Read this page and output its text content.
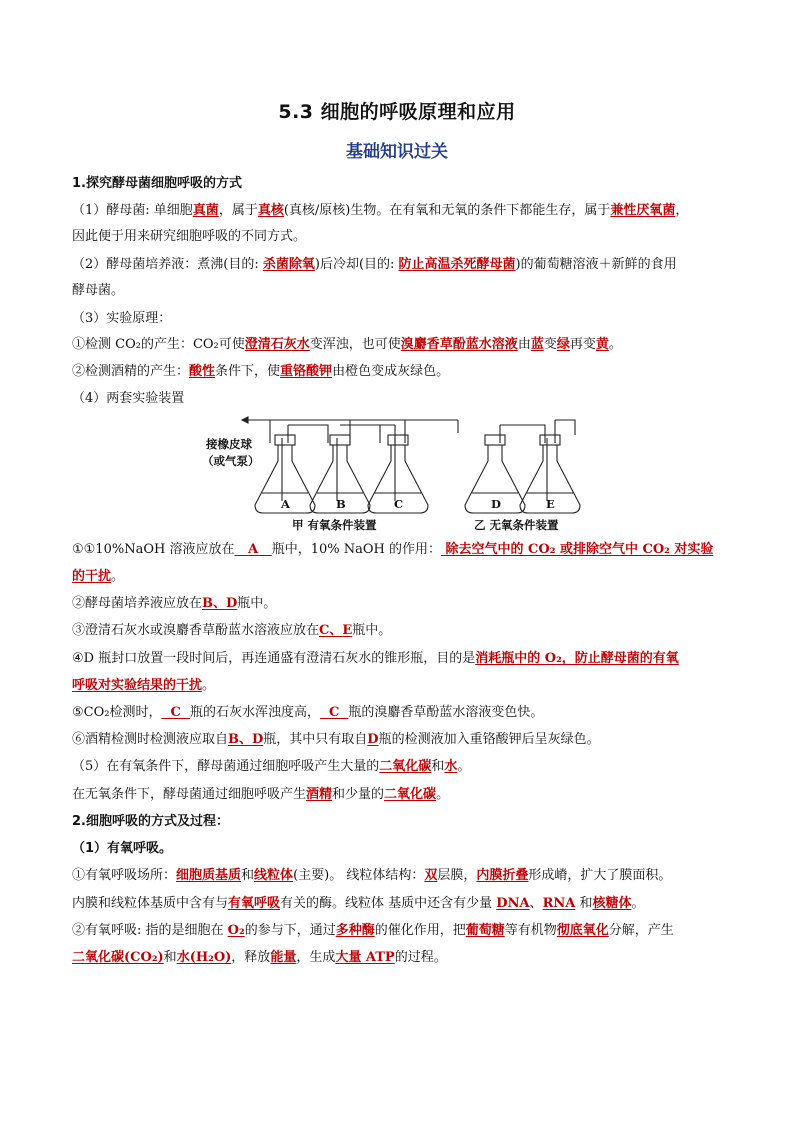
5.3 细胞的呼吸原理和应用
基础知识过关
1.探究酵母菌细胞呼吸的方式
（1）酵母菌: 单细胞真菌，属于真核(真核/原核)生物。在有氧和无氧的条件下都能生存，属于兼性厌氧菌，
因此便于用来研究细胞呼吸的不同方式。
（2）酵母菌培养液：煮沸(目的: 杀菌除氧)后冷却(目的: 防止高温杀死酵母菌)的葡萄糖溶液＋新鲜的食用
酵母菌。
（3）实验原理：
①检测 CO₂的产生：CO₂可使澄清石灰水变浑浊，也可使溴麝香草酚蓝水溶液由蓝变绿再变黄。
②检测酒精的产生：酸性条件下，使重铬酸钾由橙色变成灰绿色。
（4）两套实验装置
接橡皮球
（或气泵）
A	B	C	D	E
甲 有氧条件装置	乙 无氧条件装置
①①10%NaOH 溶液应放在   A   瓶中，10% NaOH 的作用： 除去空气中的 CO₂ 或排除空气中 CO₂ 对实验
的干扰。
②酵母菌培养液应放在B、D瓶中。
③澄清石灰水或溴麝香草酚蓝水溶液应放在C、E瓶中。
④D 瓶封口放置一段时间后，再连通盛有澄清石灰水的锥形瓶，目的是消耗瓶中的 O₂，防止酵母菌的有氧
呼吸对实验结果的干扰。
⑤CO₂检测时，  C  瓶的石灰水浑浊度高，  C  瓶的溴麝香草酚蓝水溶液变色快。
⑥酒精检测时检测液应取自B、D瓶，其中只有取自D瓶的检测液加入重铬酸钾后呈灰绿色。
（5）在有氧条件下，酵母菌通过细胞呼吸产生大量的二氧化碳和水。
在无氧条件下，酵母菌通过细胞呼吸产生酒精和少量的二氧化碳。
2.细胞呼吸的方式及过程：
（1）有氧呼吸。
①有氧呼吸场所：细胞质基质和线粒体(主要)。 线粒体结构：双层膜，内膜折叠形成嵴，扩大了膜面积。
内膜和线粒体基质中含有与有氧呼吸有关的酶。线粒体 基质中还含有少量 DNA、RNA 和核糖体。
②有氧呼吸: 指的是细胞在 O₂的参与下，通过多种酶的催化作用，把葡萄糖等有机物彻底氧化分解，产生
二氧化碳(CO₂)和水(H₂O)，释放能量，生成大量 ATP的过程。
